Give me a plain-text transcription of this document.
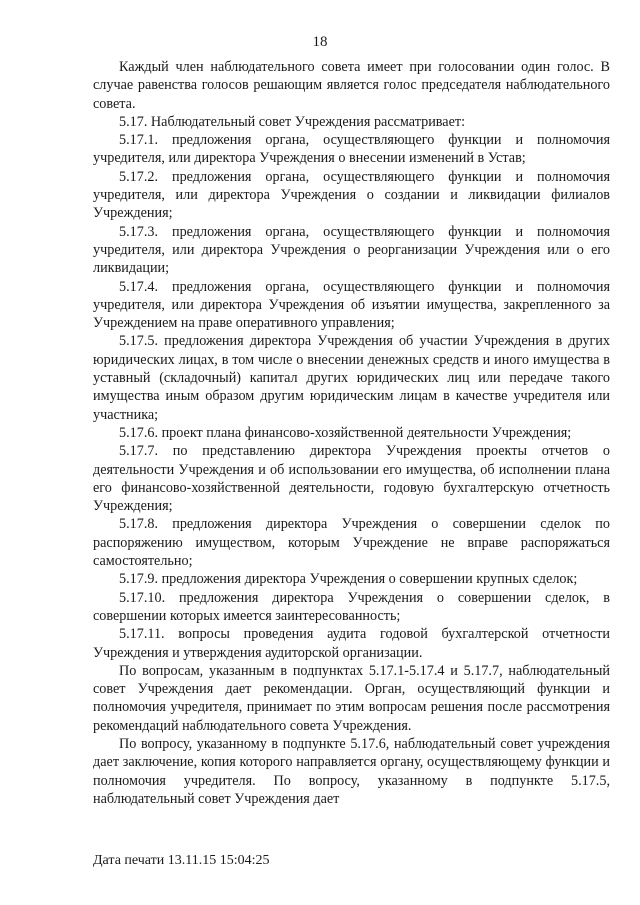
18

Каждый член наблюдательного совета имеет при голосовании один голос. В случае равенства голосов решающим является голос председателя наблюдательного совета.

5.17. Наблюдательный совет Учреждения рассматривает:

5.17.1. предложения органа, осуществляющего функции и полномочия учредителя, или директора Учреждения о внесении изменений в Устав;

5.17.2. предложения органа, осуществляющего функции и полномочия учредителя, или директора Учреждения о создании и ликвидации филиалов Учреждения;

5.17.3. предложения органа, осуществляющего функции и полномочия учредителя, или директора Учреждения о реорганизации Учреждения или о его ликвидации;

5.17.4. предложения органа, осуществляющего функции и полномочия учредителя, или директора Учреждения об изъятии имущества, закрепленного за Учреждением на праве оперативного управления;

5.17.5. предложения директора Учреждения об участии Учреждения в других юридических лицах, в том числе о внесении денежных средств и иного имущества в уставный (складочный) капитал других юридических лиц или передаче такого имущества иным образом другим юридическим лицам в качестве учредителя или участника;

5.17.6. проект плана финансово-хозяйственной деятельности Учреждения;

5.17.7. по представлению директора Учреждения проекты отчетов о деятельности Учреждения и об использовании его имущества, об исполнении плана его финансово-хозяйственной деятельности, годовую бухгалтерскую отчетность Учреждения;

5.17.8. предложения директора Учреждения о совершении сделок по распоряжению имуществом, которым Учреждение не вправе распоряжаться самостоятельно;

5.17.9. предложения директора Учреждения о совершении крупных сделок;

5.17.10. предложения директора Учреждения о совершении сделок, в совершении которых имеется заинтересованность;

5.17.11. вопросы проведения аудита годовой бухгалтерской отчетности Учреждения и утверждения аудиторской организации.

По вопросам, указанным в подпунктах 5.17.1-5.17.4 и 5.17.7, наблюдательный совет Учреждения дает рекомендации. Орган, осуществляющий функции и полномочия учредителя, принимает по этим вопросам решения после рассмотрения рекомендаций наблюдательного совета Учреждения.

По вопросу, указанному в подпункте 5.17.6, наблюдательный совет учреждения дает заключение, копия которого направляется органу, осуществляющему функции и полномочия учредителя. По вопросу, указанному в подпункте 5.17.5, наблюдательный совет Учреждения дает

Дата печати 13.11.15 15:04:25
